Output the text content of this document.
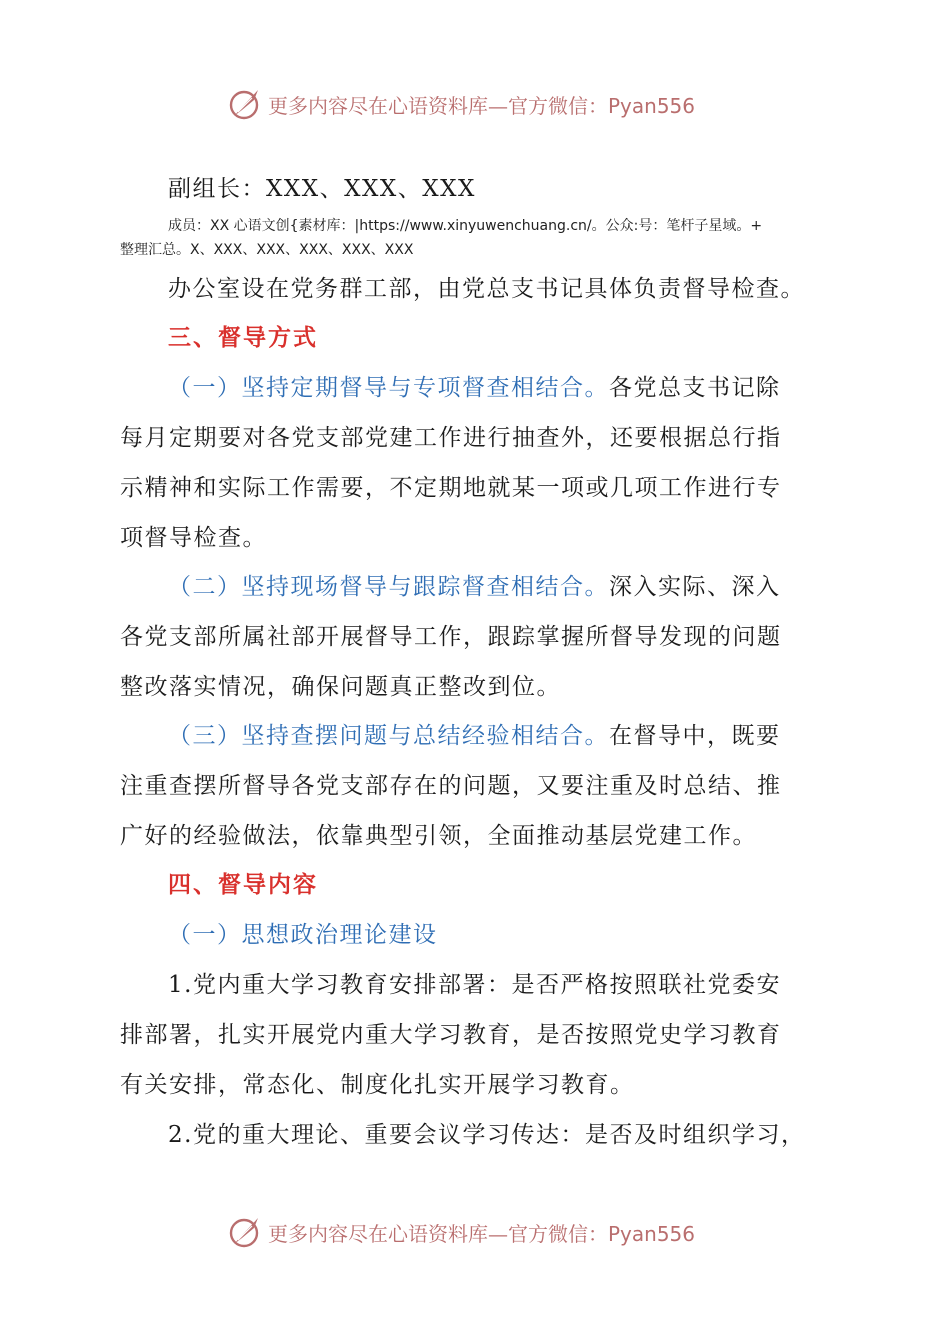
更多内容尽在心语资料库—官方微信：Pyan556
副组长：XXX、XXX、XXX
成员：XX 心语文创{素材库：|https://www.xinyuwenchuang.cn/。公众:号：笔杆子星域。+
整理汇总。X、XXX、XXX、XXX、XXX、XXX
办公室设在党务群工部，由党总支书记具体负责督导检查。
三、督导方式
（一）坚持定期督导与专项督查相结合。各党总支书记除
每月定期要对各党支部党建工作进行抽查外，还要根据总行指
示精神和实际工作需要，不定期地就某一项或几项工作进行专
项督导检查。
（二）坚持现场督导与跟踪督查相结合。深入实际、深入
各党支部所属社部开展督导工作，跟踪掌握所督导发现的问题
整改落实情况，确保问题真正整改到位。
（三）坚持查摆问题与总结经验相结合。在督导中，既要
注重查摆所督导各党支部存在的问题，又要注重及时总结、推
广好的经验做法，依靠典型引领，全面推动基层党建工作。
四、督导内容
（一）思想政治理论建设
1.党内重大学习教育安排部署：是否严格按照联社党委安
排部署，扎实开展党内重大学习教育，是否按照党史学习教育
有关安排，常态化、制度化扎实开展学习教育。
2.党的重大理论、重要会议学习传达：是否及时组织学习，
更多内容尽在心语资料库—官方微信：Pyan556
